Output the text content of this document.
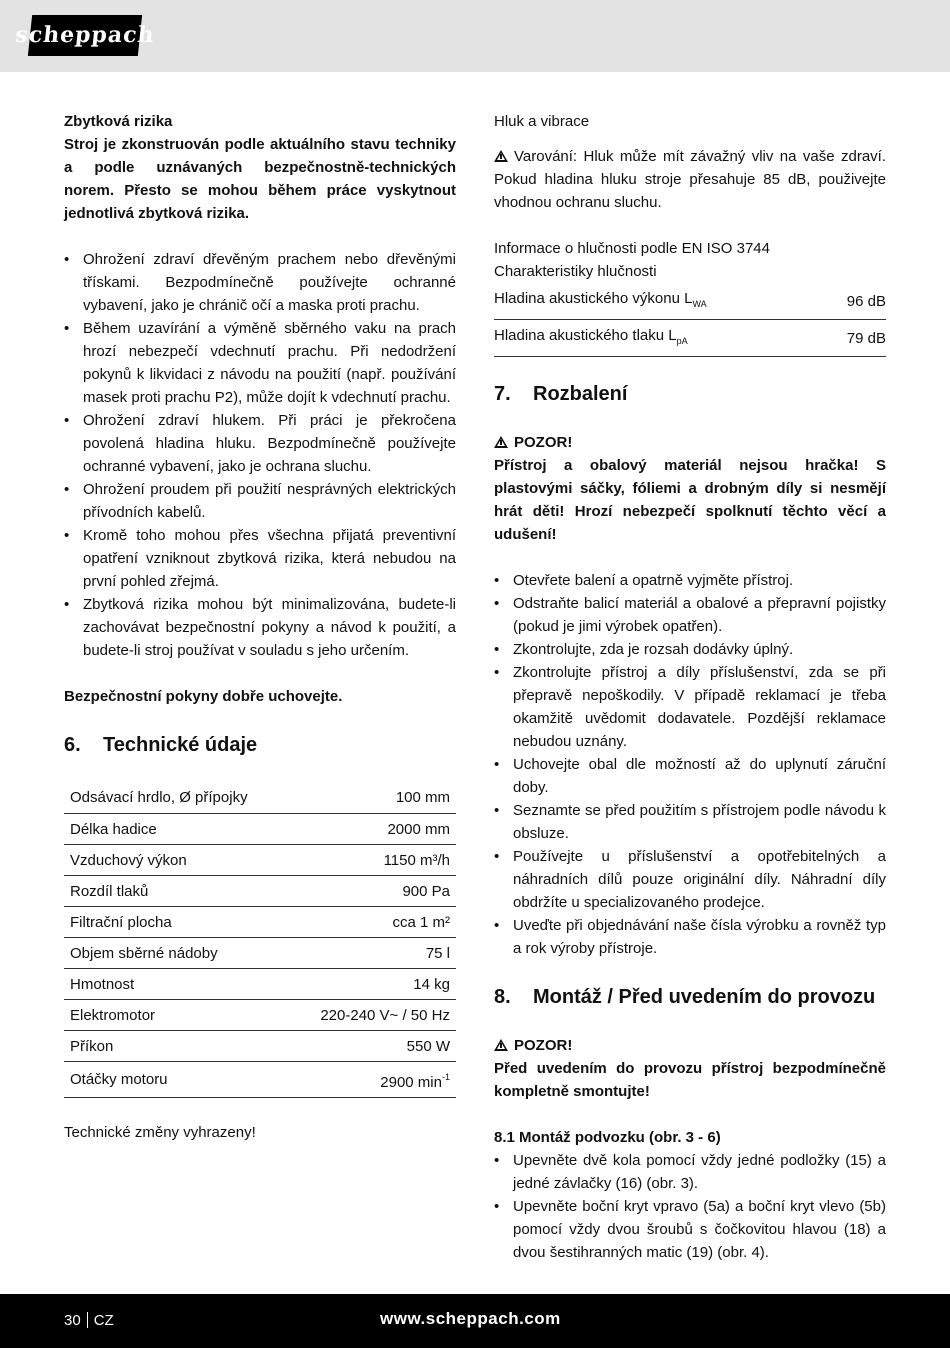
scheppach

Zbytková rizika

Stroj je zkonstruován podle aktuálního stavu techniky a podle uznávaných bezpečnostně-technických norem. Přesto se mohou během práce vyskytnout jednotlivá zbytková rizika.

• Ohrožení zdraví dřevěným prachem nebo dřevěnými třískami. Bezpodmínečně používejte ochranné vybavení, jako je chránič očí a maska proti prachu.
• Během uzavírání a výměně sběrného vaku na prach hrozí nebezpečí vdechnutí prachu. Při nedodržení pokynů k likvidaci z návodu na použití (např. používání masek proti prachu P2), může dojít k vdechnutí prachu.
• Ohrožení zdraví hlukem. Při práci je překročena povolená hladina hluku. Bezpodmínečně používejte ochranné vybavení, jako je ochrana sluchu.
• Ohrožení proudem při použití nesprávných elektrických přívodních kabelů.
• Kromě toho mohou přes všechna přijatá preventivní opatření vzniknout zbytková rizika, která nebudou na první pohled zřejmá.
• Zbytková rizika mohou být minimalizována, budete-li zachovávat bezpečnostní pokyny a návod k použití, a budete-li stroj používat v souladu s jeho určením.

Bezpečnostní pokyny dobře uchovejte.

6.	Technické údaje
Odsávací hrdlo, Ø přípojky	100 mm
Délka hadice	2000 mm
Vzduchový výkon	1150 m³/h
Rozdíl tlaků	900 Pa
Filtrační plocha	cca 1 m²
Objem sběrné nádoby	75 l
Hmotnost	14 kg
Elektromotor	220-240 V~ / 50 Hz
Příkon	550 W
Otáčky motoru	2900 $\min^{-1}$

Technické změny vyhrazeny!

Hluk a vibrace

Varování: Hluk může mít závažný vliv na vaše zdraví. Pokud hladina hluku stroje přesahuje 85 dB, použivejte vhodnou ochranu sluchu.

Informace o hlučnosti podle EN ISO 3744

Charakteristiky hlučnosti

Hladina akustického výkonu $L_{WA}$	96 dB
Hladina akustického tlaku $L_{pA}$	79 dB
7.	Rozbalení

POZOR!

Přístroj a obalový materiál nejsou hračka! S plastovými sáčky, fóliemi a drobným díly si nesmějí hrát děti! Hrozí nebezpečí spolknutí těchto věcí a udušení!

• Otevřete balení a opatrně vyjměte přístroj.
• Odstraňte balicí materiál a obalové a přepravní pojistky (pokud je jimi výrobek opatřen).
• Zkontrolujte, zda je rozsah dodávky úplný.
• Zkontrolujte přístroj a díly příslušenství, zda se při přepravě nepoškodily. V případě reklamací je třeba okamžitě uvědomit dodavatele. Pozdější reklamace nebudou uznány.
• Uchovejte obal dle možností až do uplynutí záruční doby.
• Seznamte se před použitím s přístrojem podle návodu k obsluze.
• Používejte u příslušenství a opotřebitelných a náhradních dílů pouze originální díly. Náhradní díly obdržíte u specializovaného prodejce.
• Uveďte při objednávání naše čísla výrobku a rovněž typ a rok výroby přístroje.
8.	Montáž / Před uvedením do provozu

POZOR!

Před uvedením do provozu přístroj bezpodmínečně kompletně smontujte!

8.1 Montáž podvozku (obr. 3 - 6)

• Upevněte dvě kola pomocí vždy jedné podložky (15) a jedné závlačky (16) (obr. 3).
• Upevněte boční kryt vpravo (5a) a boční kryt vlevo (5b) pomocí vždy dvou šroubů s čočkovitou hlavou (18) a dvou šestihranných matic (19) (obr. 4).
30 CZ	www.scheppach.com
